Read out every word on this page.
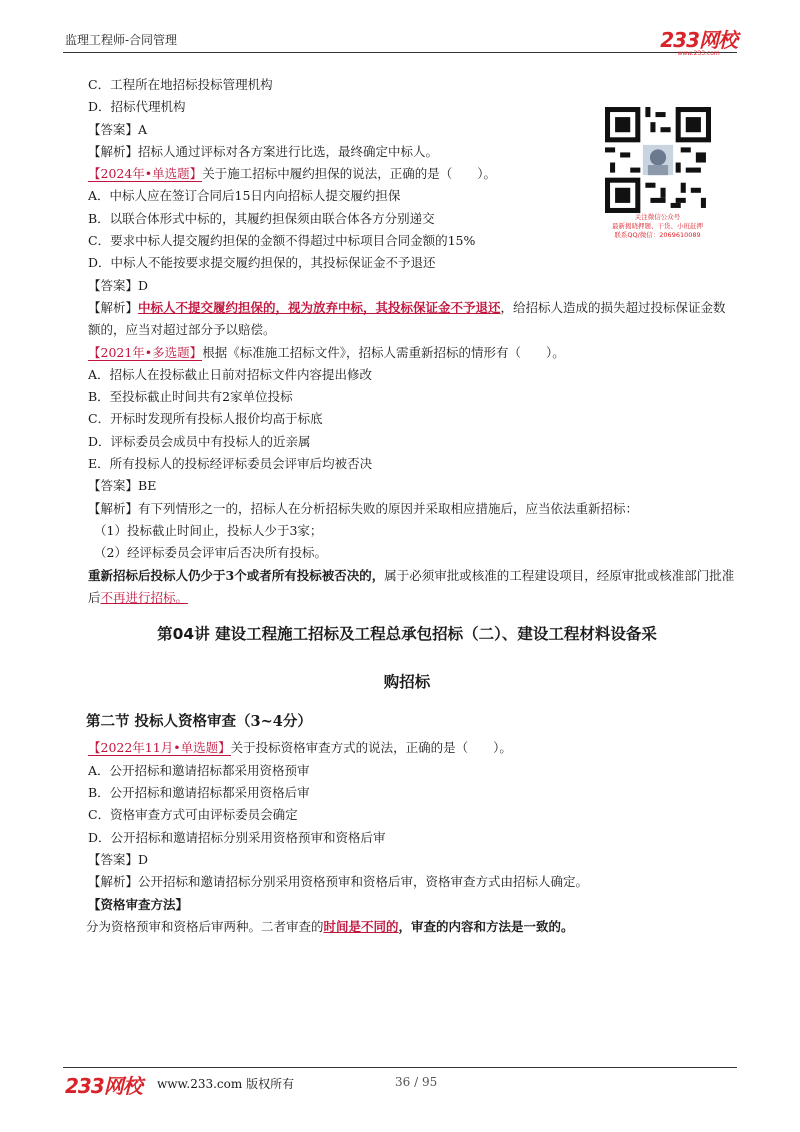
监理工程师-合同管理	233网校
www.233.com
关注微信公众号
最新揭晓押题、干货、小班赶押
联系QQ/微信：2069610089
C．工程所在地招标投标管理机构
D．招标代理机构
【答案】A
【解析】招标人通过评标对各方案进行比选，最终确定中标人。
【2024年•单选题】关于施工招标中履约担保的说法，正确的是（　　）。
A．中标人应在签订合同后15日内向招标人提交履约担保
B．以联合体形式中标的，其履约担保须由联合体各方分别递交
C．要求中标人提交履约担保的金额不得超过中标项目合同金额的15%
D．中标人不能按要求提交履约担保的，其投标保证金不予退还
【答案】D
【解析】中标人不提交履约担保的，视为放弃中标，其投标保证金不予退还，给招标人造成的损失超过投标保证金数额的，应当对超过部分予以赔偿。
【2021年•多选题】根据《标准施工招标文件》，招标人需重新招标的情形有（　　）。
A．招标人在投标截止日前对招标文件内容提出修改
B．至投标截止时间共有2家单位投标
C．开标时发现所有投标人报价均高于标底
D．评标委员会成员中有投标人的近亲属
E．所有投标人的投标经评标委员会评审后均被否决
【答案】BE
【解析】有下列情形之一的，招标人在分析招标失败的原因并采取相应措施后，应当依法重新招标：
（1）投标截止时间止，投标人少于3家；
（2）经评标委员会评审后否决所有投标。
重新招标后投标人仍少于3个或者所有投标被否决的，属于必须审批或核准的工程建设项目，经原审批或核准部门批准后不再进行招标。
第04讲 建设工程施工招标及工程总承包招标（二）、建设工程材料设备采
购招标
第二节 投标人资格审查（3~4分）
【2022年11月•单选题】关于投标资格审查方式的说法，正确的是（　　）。
A．公开招标和邀请招标都采用资格预审
B．公开招标和邀请招标都采用资格后审
C．资格审查方式可由评标委员会确定
D．公开招标和邀请招标分别采用资格预审和资格后审
【答案】D
【解析】公开招标和邀请招标分别采用资格预审和资格后审，资格审查方式由招标人确定。
【资格审查方法】
分为资格预审和资格后审两种。二者审查的时间是不同的，审查的内容和方法是一致的。
233网校 www.233.com 版权所有	36 / 95
